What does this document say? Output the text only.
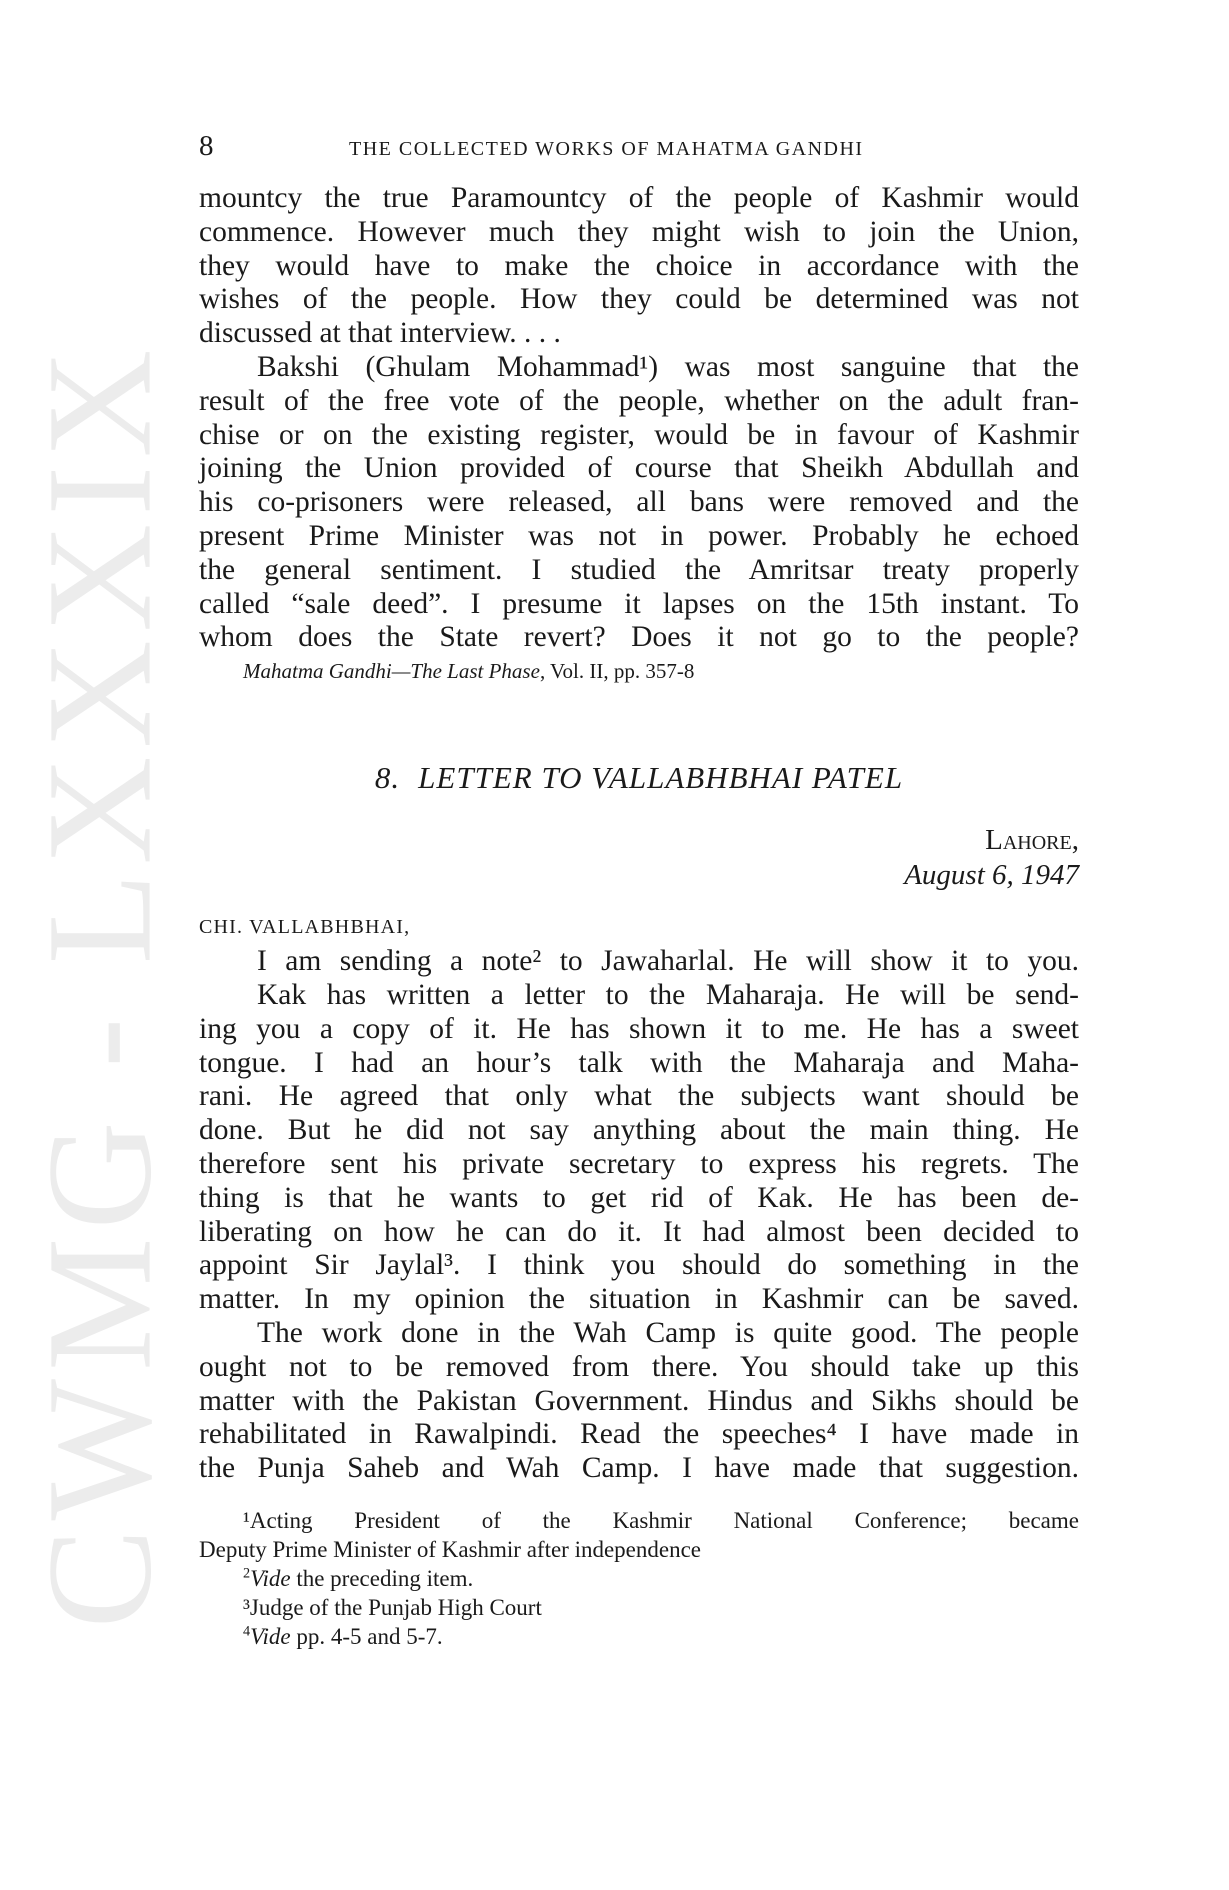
CWMG - LXXXIX
8	THE COLLECTED WORKS OF MAHATMA GANDHI

mountcy the true Paramountcy of the people of Kashmir would

commence. However much they might wish to join the Union,

they would have to make the choice in accordance with the

wishes of the people. How they could be determined was not

discussed at that interview. . . .

Bakshi (Ghulam Mohammad¹) was most sanguine that the

result of the free vote of the people, whether on the adult fran-

chise or on the existing register, would be in favour of Kashmir

joining the Union provided of course that Sheikh Abdullah and

his co-prisoners were released, all bans were removed and the

present Prime Minister was not in power. Probably he echoed

the general sentiment. I studied the Amritsar treaty properly

called “sale deed”. I presume it lapses on the 15th instant. To

whom does the State revert? Does it not go to the people?

Mahatma Gandhi—The Last Phase, Vol. II, pp. 357-8

8. LETTER TO VALLABHBHAI PATEL

Lahore,

August 6, 1947

CHI. VALLABHBHAI,

I am sending a note² to Jawaharlal. He will show it to you.

Kak has written a letter to the Maharaja. He will be send-

ing you a copy of it. He has shown it to me. He has a sweet

tongue. I had an hour’s talk with the Maharaja and Maha-

rani. He agreed that only what the subjects want should be

done. But he did not say anything about the main thing. He

therefore sent his private secretary to express his regrets. The

thing is that he wants to get rid of Kak. He has been de-

liberating on how he can do it. It had almost been decided to

appoint Sir Jaylal³. I think you should do something in the

matter. In my opinion the situation in Kashmir can be saved.

The work done in the Wah Camp is quite good. The people

ought not to be removed from there. You should take up this

matter with the Pakistan Government. Hindus and Sikhs should be

rehabilitated in Rawalpindi. Read the speeches⁴ I have made in

the Punja Saheb and Wah Camp. I have made that suggestion.

¹Acting President of the Kashmir National Conference; became

Deputy Prime Minister of Kashmir after independence

$^2$Vide the preceding item.

³Judge of the Punjab High Court

$^4$Vide pp. 4-5 and 5-7.
